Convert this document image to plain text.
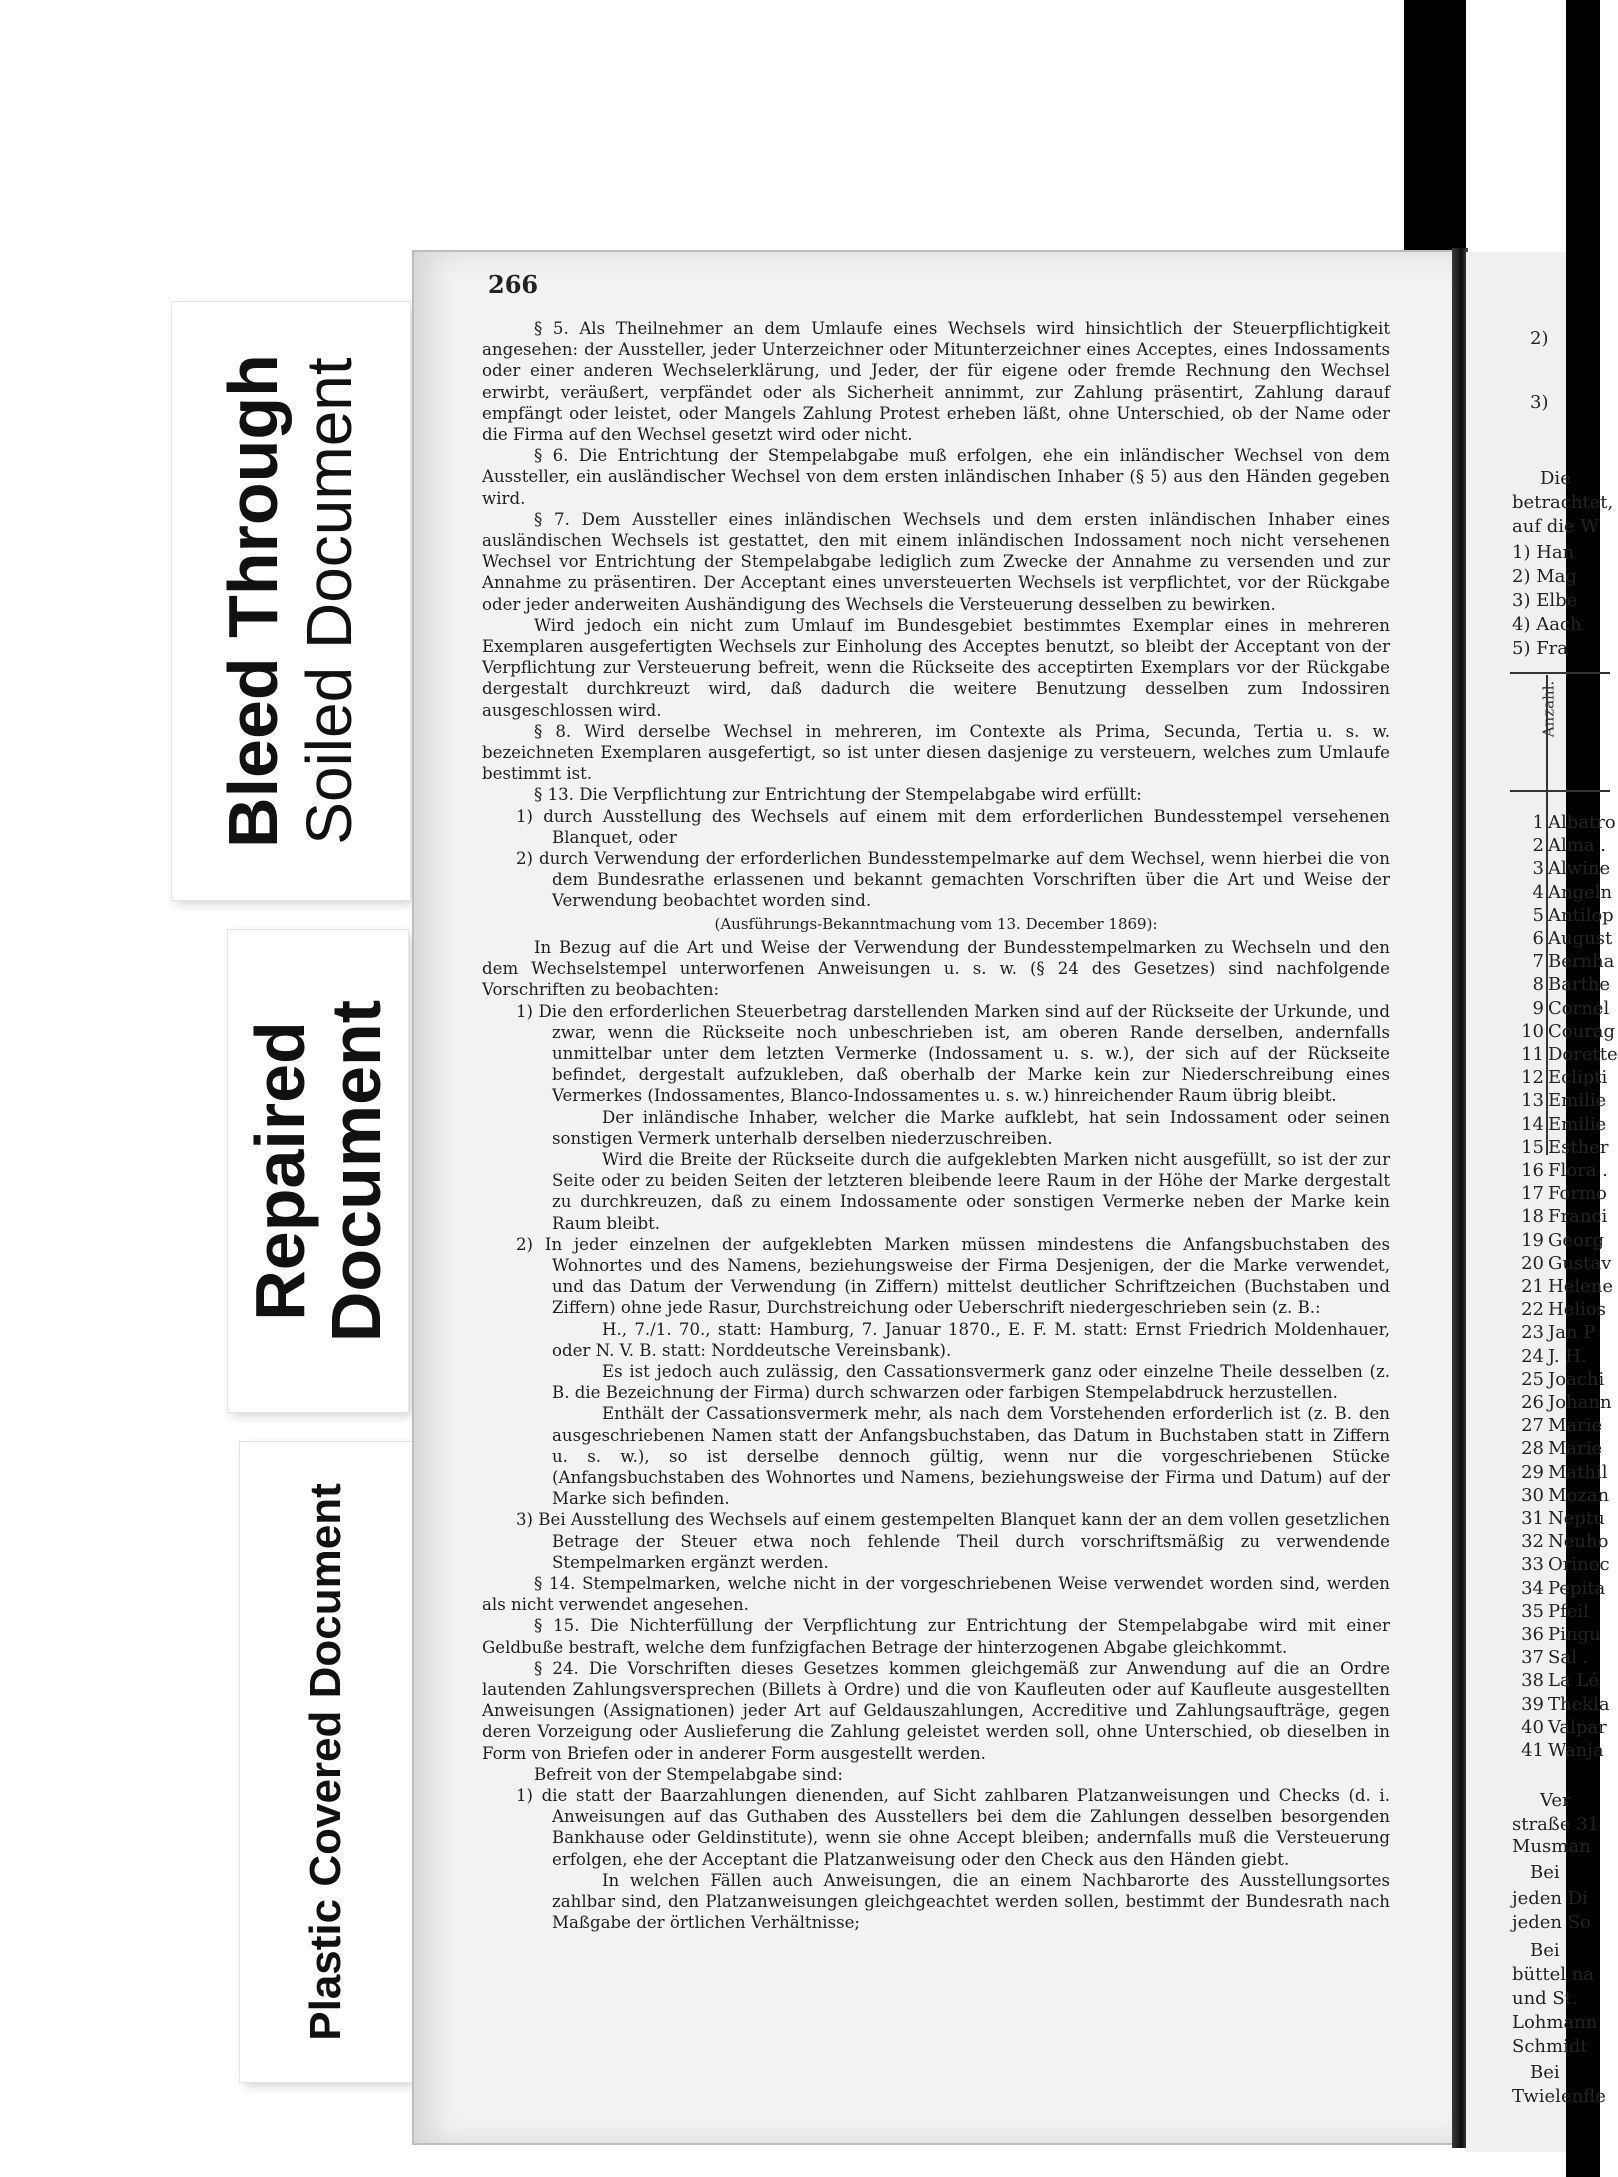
Bleed Through Soiled Document
Repaired
Document
Plastic Covered Document
266

§ 5. Als Theilnehmer an dem Umlaufe eines Wechsels wird hinsichtlich der Steuerpflichtigkeit angesehen: der Aussteller, jeder Unterzeichner oder Mitunterzeichner eines Acceptes, eines Indossaments oder einer anderen Wechselerklärung, und Jeder, der für eigene oder fremde Rechnung den Wechsel erwirbt, veräußert, verpfändet oder als Sicherheit annimmt, zur Zahlung präsentirt, Zahlung darauf empfängt oder leistet, oder Mangels Zahlung Protest erheben läßt, ohne Unterschied, ob der Name oder die Firma auf den Wechsel gesetzt wird oder nicht.

§ 6. Die Entrichtung der Stempelabgabe muß erfolgen, ehe ein inländischer Wechsel von dem Aussteller, ein ausländischer Wechsel von dem ersten inländischen Inhaber (§ 5) aus den Händen gegeben wird.

§ 7. Dem Aussteller eines inländischen Wechsels und dem ersten inländischen Inhaber eines ausländischen Wechsels ist gestattet, den mit einem inländischen Indossament noch nicht versehenen Wechsel vor Entrichtung der Stempelabgabe lediglich zum Zwecke der Annahme zu versenden und zur Annahme zu präsentiren. Der Acceptant eines unversteuerten Wechsels ist verpflichtet, vor der Rückgabe oder jeder anderweiten Aushändigung des Wechsels die Versteuerung desselben zu bewirken.

Wird jedoch ein nicht zum Umlauf im Bundesgebiet bestimmtes Exemplar eines in mehreren Exemplaren ausgefertigten Wechsels zur Einholung des Acceptes benutzt, so bleibt der Acceptant von der Verpflichtung zur Versteuerung befreit, wenn die Rückseite des acceptirten Exemplars vor der Rückgabe dergestalt durchkreuzt wird, daß dadurch die weitere Benutzung desselben zum Indossiren ausgeschlossen wird.

§ 8. Wird derselbe Wechsel in mehreren, im Contexte als Prima, Secunda, Tertia u. s. w. bezeichneten Exemplaren ausgefertigt, so ist unter diesen dasjenige zu versteuern, welches zum Umlaufe bestimmt ist.

§ 13. Die Verpflichtung zur Entrichtung der Stempelabgabe wird erfüllt:

1) durch Ausstellung des Wechsels auf einem mit dem erforderlichen Bundesstempel versehenen Blanquet, oder

2) durch Verwendung der erforderlichen Bundesstempelmarke auf dem Wechsel, wenn hierbei die von dem Bundesrathe erlassenen und bekannt gemachten Vorschriften über die Art und Weise der Verwendung beobachtet worden sind.

(Ausführungs-Bekanntmachung vom 13. December 1869):

In Bezug auf die Art und Weise der Verwendung der Bundesstempelmarken zu Wechseln und den dem Wechselstempel unterworfenen Anweisungen u. s. w. (§ 24 des Gesetzes) sind nachfolgende Vorschriften zu beobachten:

1) Die den erforderlichen Steuerbetrag darstellenden Marken sind auf der Rückseite der Urkunde, und zwar, wenn die Rückseite noch unbeschrieben ist, am oberen Rande derselben, andernfalls unmittelbar unter dem letzten Vermerke (Indossament u. s. w.), der sich auf der Rückseite befindet, dergestalt aufzukleben, daß oberhalb der Marke kein zur Niederschreibung eines Vermerkes (Indossamentes, Blanco-Indossamentes u. s. w.) hinreichender Raum übrig bleibt.

Der inländische Inhaber, welcher die Marke aufklebt, hat sein Indossament oder seinen sonstigen Vermerk unterhalb derselben niederzuschreiben.

Wird die Breite der Rückseite durch die aufgeklebten Marken nicht ausgefüllt, so ist der zur Seite oder zu beiden Seiten der letzteren bleibende leere Raum in der Höhe der Marke dergestalt zu durchkreuzen, daß zu einem Indossamente oder sonstigen Vermerke neben der Marke kein Raum bleibt.

2) In jeder einzelnen der aufgeklebten Marken müssen mindestens die Anfangsbuchstaben des Wohnortes und des Namens, beziehungsweise der Firma Desjenigen, der die Marke verwendet, und das Datum der Verwendung (in Ziffern) mittelst deutlicher Schriftzeichen (Buchstaben und Ziffern) ohne jede Rasur, Durchstreichung oder Ueberschrift niedergeschrieben sein (z. B.:

H., 7./1. 70., statt: Hamburg, 7. Januar 1870., E. F. M. statt: Ernst Friedrich Moldenhauer, oder N. V. B. statt: Norddeutsche Vereinsbank).

Es ist jedoch auch zulässig, den Cassationsvermerk ganz oder einzelne Theile desselben (z. B. die Bezeichnung der Firma) durch schwarzen oder farbigen Stempelabdruck herzustellen.

Enthält der Cassationsvermerk mehr, als nach dem Vorstehenden erforderlich ist (z. B. den ausgeschriebenen Namen statt der Anfangsbuchstaben, das Datum in Buchstaben statt in Ziffern u. s. w.), so ist derselbe dennoch gültig, wenn nur die vorgeschriebenen Stücke (Anfangsbuchstaben des Wohnortes und Namens, beziehungsweise der Firma und Datum) auf der Marke sich befinden.

3) Bei Ausstellung des Wechsels auf einem gestempelten Blanquet kann der an dem vollen gesetzlichen Betrage der Steuer etwa noch fehlende Theil durch vorschriftsmäßig zu verwendende Stempelmarken ergänzt werden.

§ 14. Stempelmarken, welche nicht in der vorgeschriebenen Weise verwendet worden sind, werden als nicht verwendet angesehen.

§ 15. Die Nichterfüllung der Verpflichtung zur Entrichtung der Stempelabgabe wird mit einer Geldbuße bestraft, welche dem funfzigfachen Betrage der hinterzogenen Abgabe gleichkommt.

§ 24. Die Vorschriften dieses Gesetzes kommen gleichgemäß zur Anwendung auf die an Ordre lautenden Zahlungsversprechen (Billets à Ordre) und die von Kaufleuten oder auf Kaufleute ausgestellten Anweisungen (Assignationen) jeder Art auf Geldauszahlungen, Accreditive und Zahlungsaufträge, gegen deren Vorzeigung oder Auslieferung die Zahlung geleistet werden soll, ohne Unterschied, ob dieselben in Form von Briefen oder in anderer Form ausgestellt werden.

Befreit von der Stempelabgabe sind:

1) die statt der Baarzahlungen dienenden, auf Sicht zahlbaren Platzanweisungen und Checks (d. i. Anweisungen auf das Guthaben des Ausstellers bei dem die Zahlungen desselben besorgenden Bankhause oder Geldinstitute), wenn sie ohne Accept bleiben; andernfalls muß die Versteuerung erfolgen, ehe der Acceptant die Platzanweisung oder den Check aus den Händen giebt.

In welchen Fällen auch Anweisungen, die an einem Nachbarorte des Ausstellungsortes zahlbar sind, den Platzanweisungen gleichgeachtet werden sollen, bestimmt der Bundesrath nach Maßgabe der örtlichen Verhältnisse;

2)
3)
Die
betrachtet,
auf die W
1) Han
2) Mag
3) Elbe
4) Aach
5) Fra
Anzahl.
1 Albatro
2 Alma .
3 Alwine
4 Angeln
5 Antilop
6 August
7 Bernha
8 Barthe
9 Cornel
10 Courag
11 Dorette
12 Eclipti
13 Emilie
14 Emilie
15 Esther
16 Flora .
17 Formo
18 Franci
19 Georg
20 Gustav
21 Helene
22 Helios
23 Jan P
24 J. H.
25 Joachi
26 Johann
27 Marie
28 Marie
29 Mathil
30 Mozan
31 Neptu
32 Neuho
33 Orinoc
34 Pepita
35 Pfeil
36 Pingu
37 Sal .
38 La Lé
39 Thekla
40 Valpar
41 Wanja
Ver
straße 31
Musman
Bei
jeden Di
jeden So
Bei
büttel na
und St.
Lohmann
Schmidt
Bei
Twielenfle
